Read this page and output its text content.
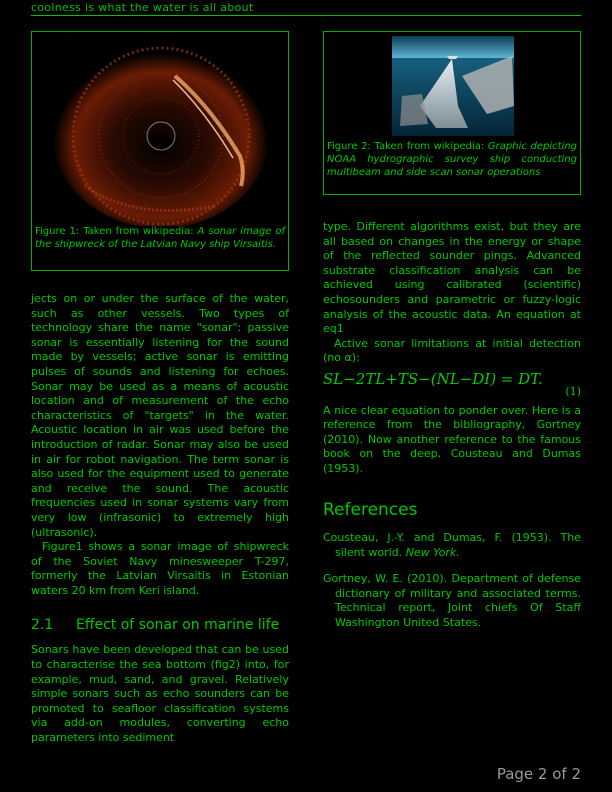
coolness is what the water is all about
.
Figure 1: Taken from wikipedia: A sonar image of the shipwreck of the Latvian Navy ship Virsaitis.
Figure 2: Taken from wikipedia: Graphic depicting NOAA hydrographic survey ship conducting multibeam and side scan sonar operations

jects on or under the surface of the water, such as other vessels. Two types of technology share the name "sonar": passive sonar is essentially listening for the sound made by vessels; active sonar is emitting pulses of sounds and listening for echoes. Sonar may be used as a means of acoustic location and of measurement of the echo characteristics of "targets" in the water. Acoustic location in air was used before the introduction of radar. Sonar may also be used in air for robot navigation. The term sonar is also used for the equipment used to generate and receive the sound. The acoustic frequencies used in sonar systems vary from very low (infrasonic) to extremely high (ultrasonic).

Figure1 shows a sonar image of shipwreck of the Soviet Navy minesweeper T-297, formerly the Latvian Virsaitis in Estonian waters 20 km from Keri island.

2.1	Effect of sonar on marine life

Sonars have been developed that can be used to characterise the sea bottom (fig2) into, for example, mud, sand, and gravel. Relatively simple sonars such as echo sounders can be promoted to seafloor classification systems via add-on modules, converting echo parameters into sediment

type. Different algorithms exist, but they are all based on changes in the energy or shape of the reflected sounder pings. Advanced substrate classification analysis can be achieved using calibrated (scientific) echosounders and parametric or fuzzy-logic analysis of the acoustic data. An equation at eq1

Active sonar limitations at initial detection (no α):

SL−2TL+TS−(NL−DI) = DT.
(1)

A nice clear equation to ponder over. Here is a reference from the bibliography, Gortney (2010). Now another reference to the famous book on the deep, Cousteau and Dumas (1953).

References
Cousteau, J.-Y. and Dumas, F. (1953). The silent world. New York.
Gortney, W. E. (2010). Department of defense dictionary of military and associated terms. Technical report, Joint chiefs Of Staff Washington United States.
Page 2 of 2
